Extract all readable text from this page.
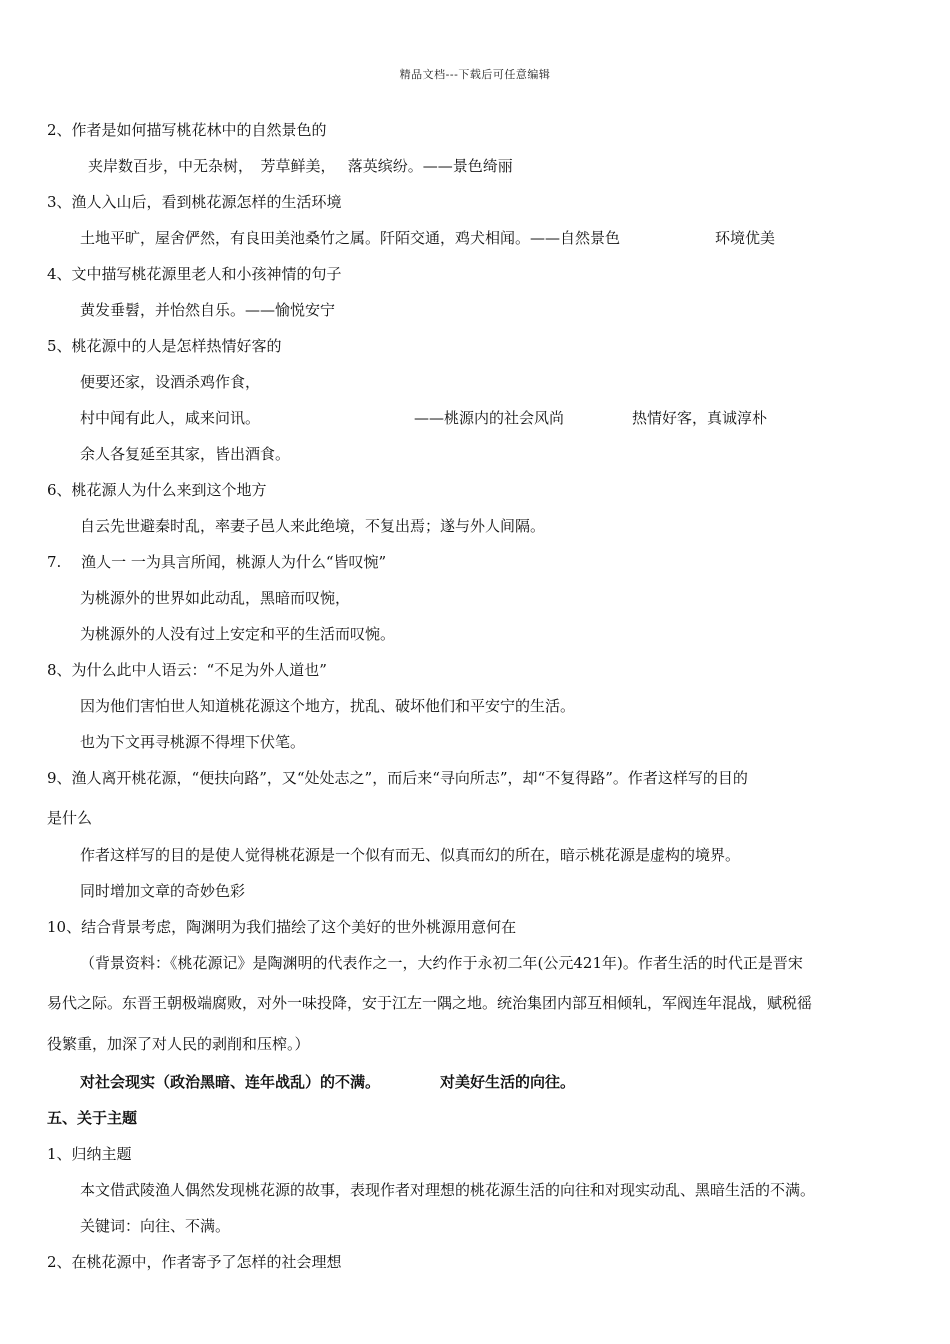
精品文档---下载后可任意编辑
2、作者是如何描写桃花林中的自然景色的
夹岸数百步，中无杂树，　芳草鲜美，　 落英缤纷。——景色绮丽
3、渔人入山后，看到桃花源怎样的生活环境
土地平旷，屋舍俨然，有良田美池桑竹之属。阡陌交通，鸡犬相闻。——自然景色	环境优美
4、文中描写桃花源里老人和小孩神情的句子
黄发垂髫，并怡然自乐。——愉悦安宁
5、桃花源中的人是怎样热情好客的
便要还家，设酒杀鸡作食，
村中闻有此人，咸来问讯。	——桃源内的社会风尚	热情好客，真诚淳朴
余人各复延至其家，皆出酒食。
6、桃花源人为什么来到这个地方
自云先世避秦时乱，率妻子邑人来此绝境，不复出焉；遂与外人间隔。
7.　 渔人一 一为具言所闻，桃源人为什么“皆叹惋”
为桃源外的世界如此动乱，黑暗而叹惋，
为桃源外的人没有过上安定和平的生活而叹惋。
8、为什么此中人语云：“不足为外人道也”
因为他们害怕世人知道桃花源这个地方，扰乱、破坏他们和平安宁的生活。
也为下文再寻桃源不得埋下伏笔。
9、渔人离开桃花源，“便扶向路”，又“处处志之”，而后来“寻向所志”，却“不复得路”。作者这样写的目的
是什么
作者这样写的目的是使人觉得桃花源是一个似有而无、似真而幻的所在，暗示桃花源是虚构的境界。
同时增加文章的奇妙色彩
10、结合背景考虑，陶渊明为我们描绘了这个美好的世外桃源用意何在
（背景资料：《桃花源记》是陶渊明的代表作之一，大约作于永初二年(公元421年)。作者生活的时代正是晋宋
易代之际。东晋王朝极端腐败，对外一味投降，安于江左一隅之地。统治集团内部互相倾轧，军阀连年混战，赋税徭
役繁重，加深了对人民的剥削和压榨。）
对社会现实（政治黑暗、连年战乱）的不满。	对美好生活的向往。
五、关于主题
1、归纳主题
本文借武陵渔人偶然发现桃花源的故事，表现作者对理想的桃花源生活的向往和对现实动乱、黑暗生活的不满。
关键词：向往、不满。
2、在桃花源中，作者寄予了怎样的社会理想
